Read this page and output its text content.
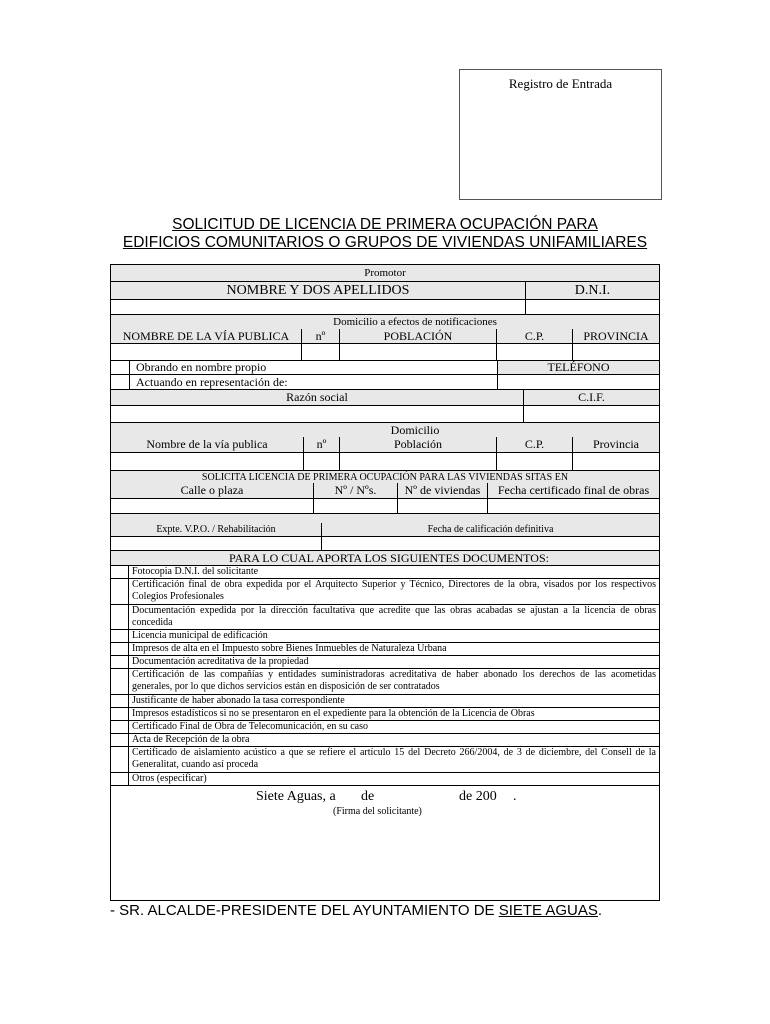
Registro de Entrada
SOLICITUD DE LICENCIA DE PRIMERA OCUPACIÓN PARA
EDIFICIOS COMUNITARIOS O GRUPOS DE VIVIENDAS UNIFAMILIARES
Promotor
NOMBRE Y DOS APELLIDOS	D.N.I.
Domicilio a efectos de notificaciones
NOMBRE DE LA VÍA PUBLICA	nº	POBLACIÓN	C.P.	PROVINCIA
Obrando en nombre propio	TELÉFONO
Actuando en representación de:
Razón social	C.I.F.
Domicilio
Nombre de la vía publica	nº	Población	C.P.	Provincia
SOLICITA LICENCIA DE PRIMERA OCUPACIÓN PARA LAS VIVIENDAS SITAS EN
Calle o plaza	Nº / Nºs.	Nº de viviendas	Fecha certificado final de obras
Expte. V.P.O. / Rehabilitación	Fecha de calificación definitiva
PARA LO CUAL APORTA LOS SIGUIENTES DOCUMENTOS:
Fotocopia D.N.I. del solicitante
Certificación final de obra expedida por el Arquitecto Superior y Técnico, Directores de la obra, visados por los respectivos Colegios Profesionales
Documentación expedida por la dirección facultativa que acredite que las obras acabadas se ajustan a la licencia de obras concedida
Licencia municipal de edificación
Impresos de alta en el Impuesto sobre Bienes Inmuebles de Naturaleza Urbana
Documentación acreditativa de la propiedad
Certificación de las compañías y entidades suministradoras acreditativa de haber abonado los derechos de las acometidas generales, por lo que dichos servicios están en disposición de ser contratados
Justificante de haber abonado la tasa correspondiente
Impresos estadísticos si no se presentaron en el expediente para la obtención de la Licencia de Obras
Certificado Final de Obra de Telecomunicación, en su caso
Acta de Recepción de la obra
Certificado de aislamiento acústico a que se refiere el artículo 15 del Decreto 266/2004, de 3 de diciembre, del Consell de la Generalitat, cuando así proceda
Otros (especificar)
Siete Aguas, a de	de 200 .
(Firma del solicitante)
- SR. ALCALDE-PRESIDENTE DEL AYUNTAMIENTO DE SIETE AGUAS.
